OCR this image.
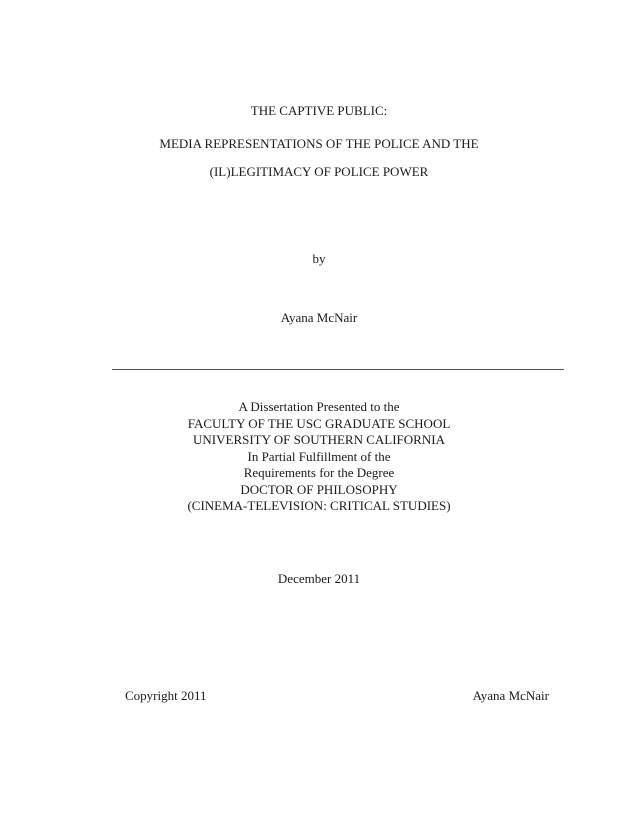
THE CAPTIVE PUBLIC:
MEDIA REPRESENTATIONS OF THE POLICE AND THE
(IL)LEGITIMACY OF POLICE POWER
by
Ayana McNair
A Dissertation Presented to the
FACULTY OF THE USC GRADUATE SCHOOL
UNIVERSITY OF SOUTHERN CALIFORNIA
In Partial Fulfillment of the
Requirements for the Degree
DOCTOR OF PHILOSOPHY
(CINEMA-TELEVISION: CRITICAL STUDIES)
December 2011
Copyright 2011	Ayana McNair
